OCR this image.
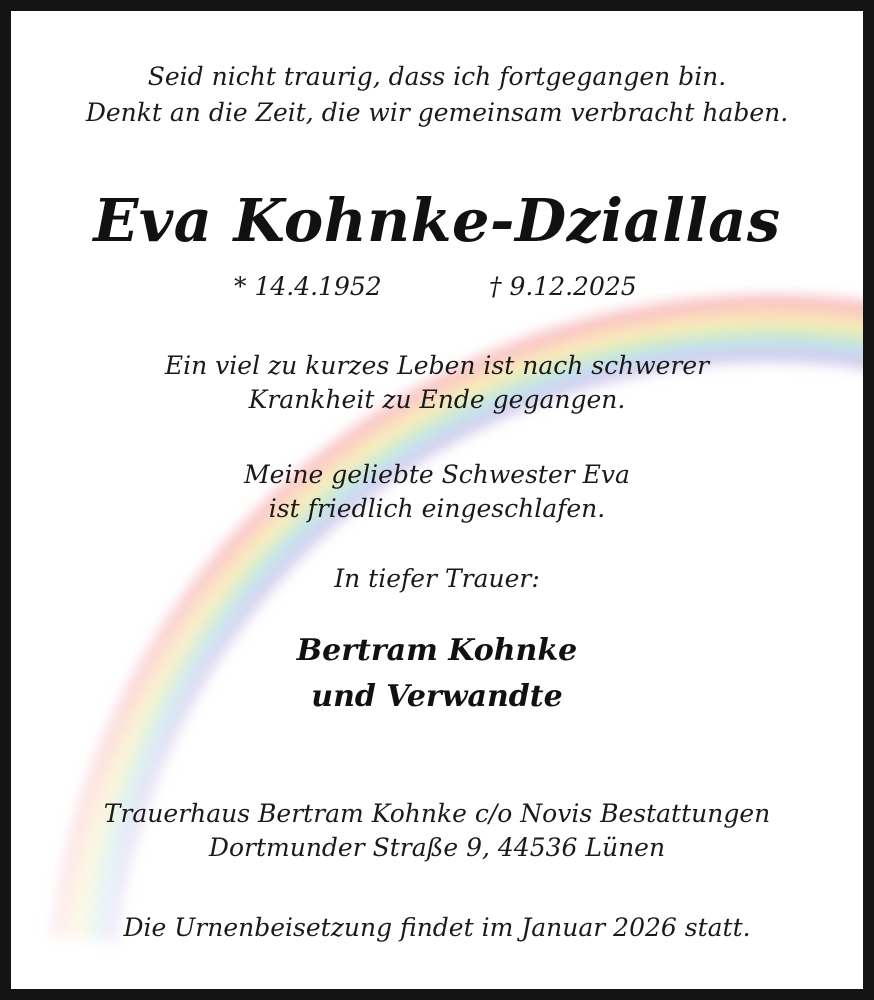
Seid nicht traurig, dass ich fortgegangen bin.
Denkt an die Zeit, die wir gemeinsam verbracht haben.
Eva Kohnke-Dziallas
* 14.4.1952	† 9.12.2025
Ein viel zu kurzes Leben ist nach schwerer
Krankheit zu Ende gegangen.
Meine geliebte Schwester Eva
ist friedlich eingeschlafen.
In tiefer Trauer:
Bertram Kohnke
und Verwandte
Trauerhaus Bertram Kohnke c/o Novis Bestattungen
Dortmunder Straße 9, 44536 Lünen
Die Urnenbeisetzung findet im Januar 2026 statt.
